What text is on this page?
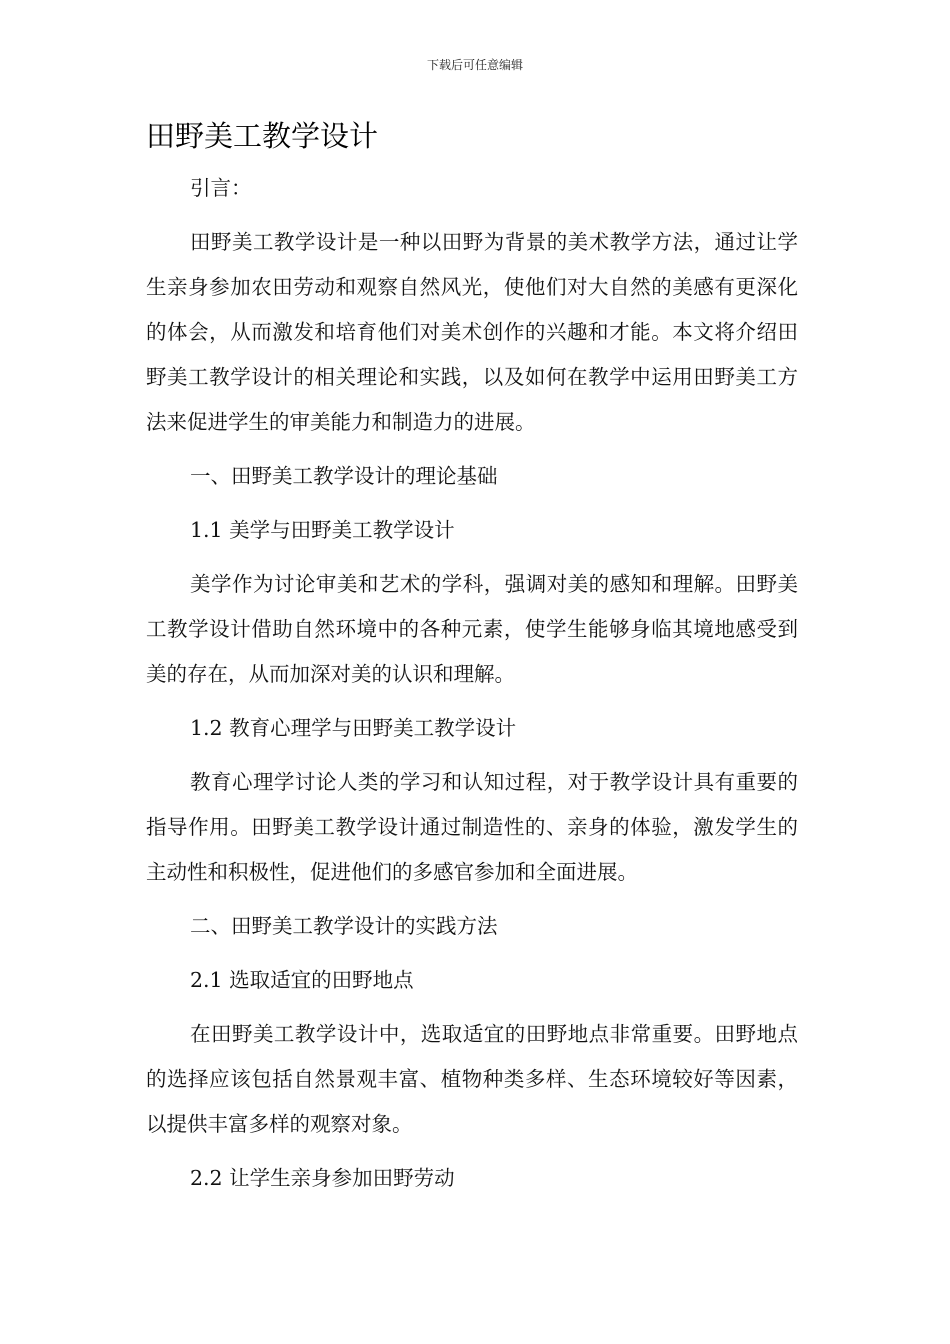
下载后可任意编辑
田野美工教学设计

引言：

田野美工教学设计是一种以田野为背景的美术教学方法，通过让学生亲身参加农田劳动和观察自然风光，使他们对大自然的美感有更深化的体会，从而激发和培育他们对美术创作的兴趣和才能。本文将介绍田野美工教学设计的相关理论和实践，以及如何在教学中运用田野美工方法来促进学生的审美能力和制造力的进展。

一、田野美工教学设计的理论基础

1.1 美学与田野美工教学设计

美学作为讨论审美和艺术的学科，强调对美的感知和理解。田野美工教学设计借助自然环境中的各种元素，使学生能够身临其境地感受到美的存在，从而加深对美的认识和理解。

1.2 教育心理学与田野美工教学设计

教育心理学讨论人类的学习和认知过程，对于教学设计具有重要的指导作用。田野美工教学设计通过制造性的、亲身的体验，激发学生的主动性和积极性，促进他们的多感官参加和全面进展。

二、田野美工教学设计的实践方法

2.1 选取适宜的田野地点

在田野美工教学设计中，选取适宜的田野地点非常重要。田野地点的选择应该包括自然景观丰富、植物种类多样、生态环境较好等因素，以提供丰富多样的观察对象。

2.2 让学生亲身参加田野劳动
